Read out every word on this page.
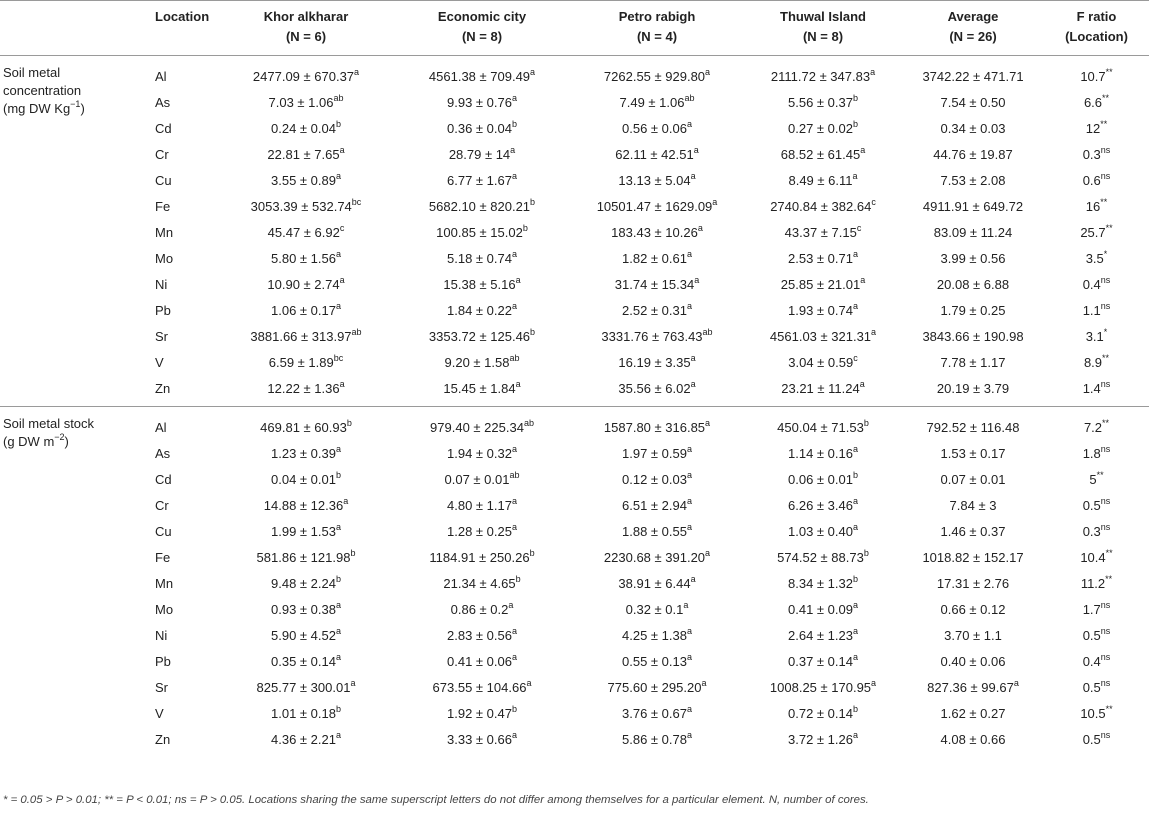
	Location	Khor alkharar	Economic city	Petro rabigh	Thuwal Island	Average	F ratio
		(N = 6)	(N = 8)	(N = 4)	(N = 8)	(N = 26)	(Location)

Soil metal
concentration
(mg DW $Kg^{-1}$)	Al	2477.09 ± 670.37$^a$	4561.38 ± 709.49$^a$	7262.55 ± 929.80$^a$	2111.72 ± 347.83$^a$	3742.22 ± 471.71	10.7**
	As	7.03 ± 1.06$^{ab}$	9.93 ± 0.76$^a$	7.49 ± 1.06$^{ab}$	5.56 ± 0.37$^b$	7.54 ± 0.50	6.6**
	Cd	0.24 ± 0.04$^b$	0.36 ± 0.04$^b$	0.56 ± 0.06$^a$	0.27 ± 0.02$^b$	0.34 ± 0.03	12**
	Cr	22.81 ± 7.65$^a$	$28.79 \pm 14^a$	62.11 ± 42.51$^a$	68.52 ± 61.45$^a$	44.76 ± 19.87	$0.3^{ns}$
	Cu	3.55 ± 0.89$^a$	6.77 ± 1.67$^a$	13.13 ± 5.04$^a$	8.49 ± 6.11$^a$	7.53 ± 2.08	$0.6^{ns}$
	Fe	3053.39 ± 532.74$^{bc}$	5682.10 ± 820.21$^b$	10501.47 ± 1629.09$^a$	2740.84 ± 382.64$^c$	4911.91 ± 649.72	16**
	Mn	45.47 ± 6.92$^c$	100.85 ± 15.02$^b$	183.43 ± 10.26$^a$	43.37 ± 7.15$^c$	83.09 ± 11.24	25.7**
	Mo	5.80 ± 1.56$^a$	5.18 ± 0.74$^a$	1.82 ± 0.61$^a$	2.53 ± 0.71$^a$	3.99 ± 0.56	3.5*
	Ni	10.90 ± 2.74$^a$	15.38 ± 5.16$^a$	31.74 ± 15.34$^a$	25.85 ± 21.01$^a$	20.08 ± 6.88	$0.4^{ns}$
	Pb	1.06 ± 0.17$^a$	1.84 ± 0.22$^a$	2.52 ± 0.31$^a$	1.93 ± 0.74$^a$	1.79 ± 0.25	$1.1^{ns}$
	Sr	3881.66 ± 313.97$^{ab}$	3353.72 ± 125.46$^b$	3331.76 ± 763.43$^{ab}$	4561.03 ± 321.31$^a$	3843.66 ± 190.98	3.1*
	V	6.59 ± 1.89$^{bc}$	9.20 ± 1.58$^{ab}$	16.19 ± 3.35$^a$	3.04 ± 0.59$^c$	7.78 ± 1.17	8.9**
	Zn	12.22 ± 1.36$^a$	15.45 ± 1.84$^a$	35.56 ± 6.02$^a$	23.21 ± 11.24$^a$	20.19 ± 3.79	$1.4^{ns}$

Soil metal stock
(g DW $m^{-2}$)	Al	469.81 ± 60.93$^b$	979.40 ± 225.34$^{ab}$	1587.80 ± 316.85$^a$	450.04 ± 71.53$^b$	792.52 ± 116.48	7.2**
	As	1.23 ± 0.39$^a$	1.94 ± 0.32$^a$	1.97 ± 0.59$^a$	1.14 ± 0.16$^a$	1.53 ± 0.17	$1.8^{ns}$
	Cd	0.04 ± 0.01$^b$	0.07 ± 0.01$^{ab}$	0.12 ± 0.03$^a$	0.06 ± 0.01$^b$	0.07 ± 0.01	5**
	Cr	14.88 ± 12.36$^a$	4.80 ± 1.17$^a$	6.51 ± 2.94$^a$	6.26 ± 3.46$^a$	7.84 ± 3	$0.5^{ns}$
	Cu	1.99 ± 1.53$^a$	1.28 ± 0.25$^a$	1.88 ± 0.55$^a$	1.03 ± 0.40$^a$	1.46 ± 0.37	$0.3^{ns}$
	Fe	581.86 ± 121.98$^b$	1184.91 ± 250.26$^b$	2230.68 ± 391.20$^a$	574.52 ± 88.73$^b$	1018.82 ± 152.17	10.4**
	Mn	9.48 ± 2.24$^b$	21.34 ± 4.65$^b$	38.91 ± 6.44$^a$	8.34 ± 1.32$^b$	17.31 ± 2.76	11.2**
	Mo	0.93 ± 0.38$^a$	0.86 ± 0.2$^a$	0.32 ± 0.1$^a$	0.41 ± 0.09$^a$	0.66 ± 0.12	$1.7^{ns}$
	Ni	5.90 ± 4.52$^a$	2.83 ± 0.56$^a$	4.25 ± 1.38$^a$	2.64 ± 1.23$^a$	3.70 ± 1.1	$0.5^{ns}$
	Pb	0.35 ± 0.14$^a$	0.41 ± 0.06$^a$	0.55 ± 0.13$^a$	0.37 ± 0.14$^a$	0.40 ± 0.06	$0.4^{ns}$
	Sr	825.77 ± 300.01$^a$	673.55 ± 104.66$^a$	775.60 ± 295.20$^a$	1008.25 ± 170.95$^a$	827.36 ± 99.67$^a$	$0.5^{ns}$
	V	1.01 ± 0.18$^b$	1.92 ± 0.47$^b$	3.76 ± 0.67$^a$	0.72 ± 0.14$^b$	1.62 ± 0.27	10.5**
	Zn	4.36 ± 2.21$^a$	3.33 ± 0.66$^a$	5.86 ± 0.78$^a$	3.72 ± 1.26$^a$	4.08 ± 0.66	$0.5^{ns}$
* = 0.05 > P > 0.01; ** = P < 0.01; ns = P > 0.05. Locations sharing the same superscript letters do not differ among themselves for a particular element. N, number of cores.
